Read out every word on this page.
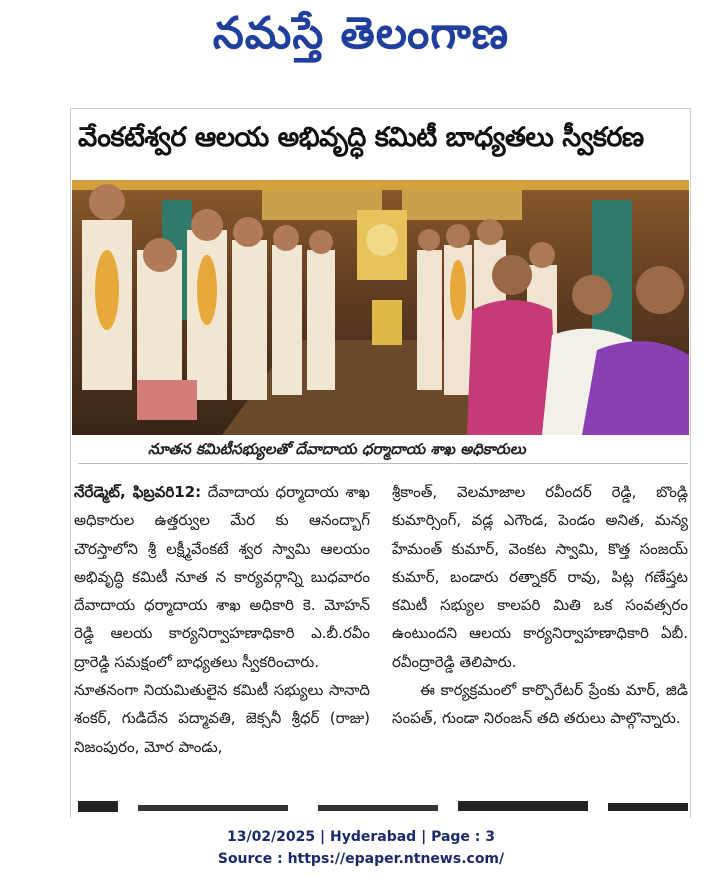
నమస్తే తెలంగాణ
వేంకటేశ్వర ఆలయ అభివృద్ధి కమిటీ బాధ్యతలు స్వీకరణ
నూతన కమిటీసభ్యులతో దేవాదాయ ధర్మాదాయ శాఖ అధికారులు

నేరేడ్మెట్, ఫిబ్రవరి12: దేవాదాయ ధర్మాదాయ శాఖ అధికారుల ఉత్తర్వుల మేర కు ఆనంద్బాగ్ చౌరస్తాలోని శ్రీ లక్ష్మీవేంకటే శ్వర స్వామి ఆలయం అభివృద్ధి కమిటీ నూత న కార్యవర్గాన్ని బుధవారం దేవాదాయ ధర్మాదాయ శాఖ అధికారి కె. మోహన్ రెడ్డి ఆలయ కార్యనిర్వాహణాధికారి ఎ.బీ.రవీం ద్రారెడ్డి సమక్షంలో బాధ్యతలు స్వీకరించారు.

నూతనంగా నియమితులైన కమిటీ సభ్యులు సానాది శంకర్, గుడిదేన పద్మావతి, జెక్సనీ శ్రీధర్ (రాజు) నిజంపురం, మోర పాండు,

శ్రీకాంత్, వెలమాజాల రవీందర్ రెడ్డి, బొండ్లి కుమార్సింగ్, వడ్ల ఎగౌండ, పెండం అనిత, మన్య హేమంత్ కుమార్, వెంకట స్వామి, కొత్త సంజయ్ కుమార్, బండారు రత్నాకర్ రావు, పిట్ల గణేష్తట కమిటీ సభ్యుల కాలపరి మితి ఒక సంవత్సరం ఉంటుందని ఆలయ కార్యనిర్వాహణాధికారి ఏబీ. రవీంద్రారెడ్డి తెలిపారు.

ఈ కార్యక్రమంలో కార్పొరేటర్ ప్రేంకు మార్, జిడి సంపత్, గుండా నిరంజన్ తది తరులు పాల్గొన్నారు.

13/02/2025 | Hyderabad | Page : 3
Source : https://epaper.ntnews.com/
